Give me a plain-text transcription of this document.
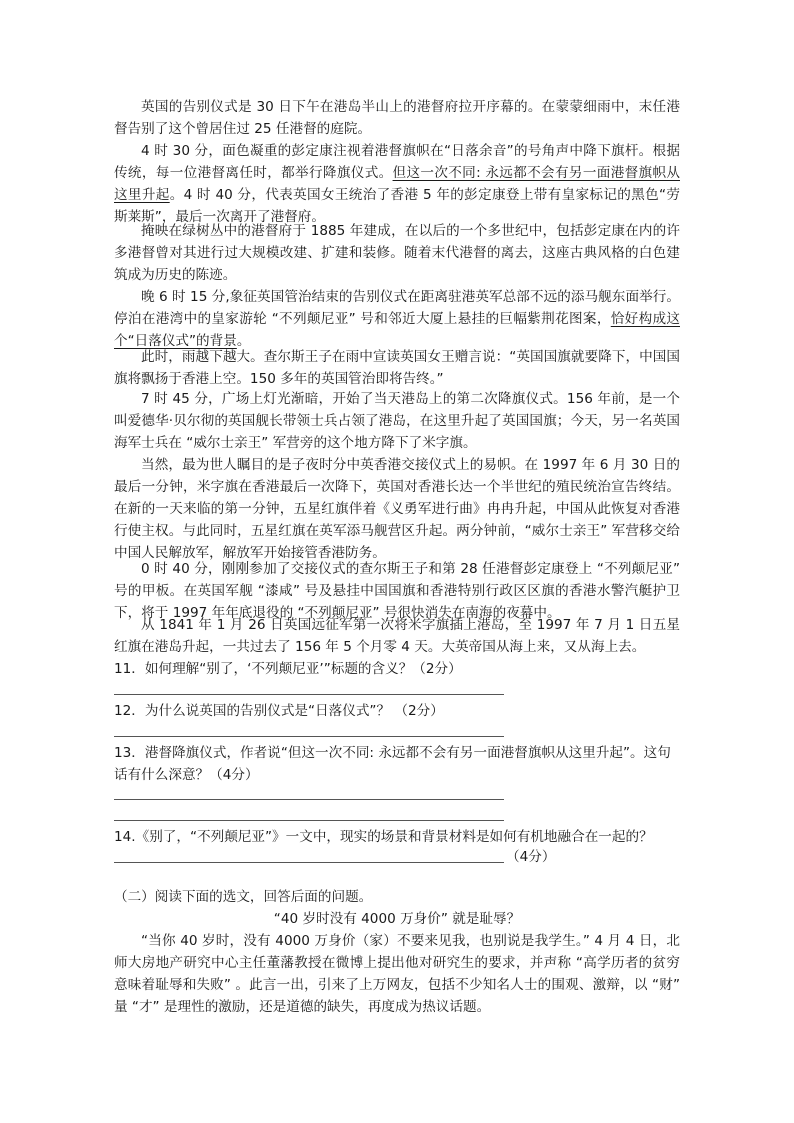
英国的告别仪式是 30 日下午在港岛半山上的港督府拉开序幕的。在蒙蒙细雨中，末任港督告别了这个曾居住过 25 任港督的庭院。

4 时 30 分，面色凝重的彭定康注视着港督旗帜在“日落余音”的号角声中降下旗杆。根据传统，每一位港督离任时，都举行降旗仪式。但这一次不同: 永远都不会有另一面港督旗帜从这里升起。4 时 40 分，代表英国女王统治了香港 5 年的彭定康登上带有皇家标记的黑色“劳斯莱斯”，最后一次离开了港督府。

掩映在绿树丛中的港督府于 1885 年建成，在以后的一个多世纪中，包括彭定康在内的许多港督曾对其进行过大规模改建、扩建和装修。随着末代港督的离去，这座古典风格的白色建筑成为历史的陈迹。

晚 6 时 15 分,象征英国管治结束的告别仪式在距离驻港英军总部不远的添马舰东面举行。停泊在港湾中的皇家游轮 “不列颠尼亚” 号和邻近大厦上悬挂的巨幅紫荆花图案，恰好构成这个“日落仪式”的背景。

此时，雨越下越大。查尔斯王子在雨中宣读英国女王赠言说：“英国国旗就要降下，中国国旗将飘扬于香港上空。150 多年的英国管治即将告终。”

7 时 45 分，广场上灯光渐暗，开始了当天港岛上的第二次降旗仪式。156 年前，是一个叫爱德华·贝尔彻的英国舰长带领士兵占领了港岛，在这里升起了英国国旗；今天，另一名英国海军士兵在 “威尔士亲王” 军营旁的这个地方降下了米字旗。

当然，最为世人瞩目的是子夜时分中英香港交接仪式上的易帜。在 1997 年 6 月 30 日的最后一分钟，米字旗在香港最后一次降下，英国对香港长达一个半世纪的殖民统治宣告终结。在新的一天来临的第一分钟，五星红旗伴着《义勇军进行曲》冉冉升起，中国从此恢复对香港行使主权。与此同时，五星红旗在英军添马舰营区升起。两分钟前，“威尔士亲王” 军营移交给中国人民解放军，解放军开始接管香港防务。

0 时 40 分，刚刚参加了交接仪式的查尔斯王子和第 28 任港督彭定康登上 “不列颠尼亚” 号的甲板。在英国军舰 “漆咸” 号及悬挂中国国旗和香港特别行政区区旗的香港水警汽艇护卫下，将于 1997 年年底退役的 “不列颠尼亚” 号很快消失在南海的夜幕中。

从 1841 年 1 月 26 日英国远征军第一次将米字旗插上港岛，至 1997 年 7 月 1 日五星红旗在港岛升起，一共过去了 156 年 5 个月零 4 天。大英帝国从海上来，又从海上去。

11．如何理解“别了，‘不列颠尼亚’”标题的含义？（2分）

12．为什么说英国的告别仪式是“日落仪式”？ （2分）

13．港督降旗仪式，作者说“但这一次不同: 永远都不会有另一面港督旗帜从这里升起”。这句话有什么深意？（4分）

14.《别了，“不列颠尼亚”》一文中，现实的场景和背景材料是如何有机地融合在一起的？

（4分）

（二）阅读下面的选文，回答后面的问题。

“40 岁时没有 4000 万身价” 就是耻辱？

“当你 40 岁时，没有 4000 万身价（家）不要来见我，也别说是我学生。” 4 月 4 日，北师大房地产研究中心主任董藩教授在微博上提出他对研究生的要求，并声称 “高学历者的贫穷意味着耻辱和失败” 。此言一出，引来了上万网友，包括不少知名人士的围观、激辩，以 “财” 量 “才” 是理性的激励，还是道德的缺失，再度成为热议话题。
